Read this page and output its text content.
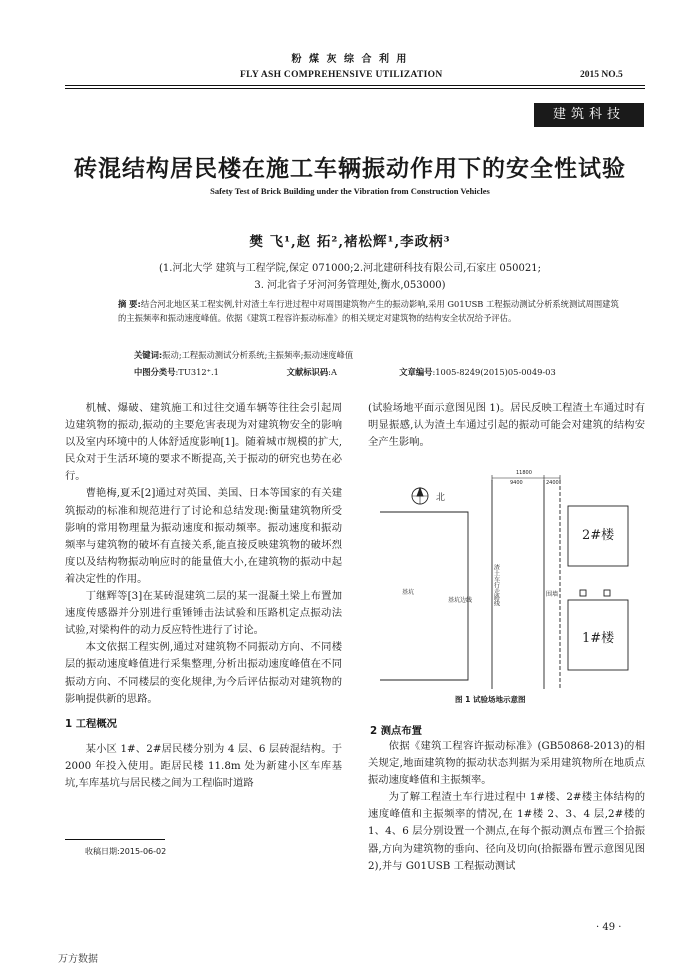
粉 煤 灰 综 合 利 用
FLY ASH COMPREHENSIVE UTILIZATION	2015 NO.5
建筑科技
砖混结构居民楼在施工车辆振动作用下的安全性试验
Safety Test of Brick Building under the Vibration from Construction Vehicles
樊 飞¹,赵 拓²,褚松辉¹,李政柄³
(1.河北大学 建筑与工程学院,保定 071000;2.河北建研科技有限公司,石家庄 050021;
3. 河北省子牙河河务管理处,衡水,053000)
摘 要:结合河北地区某工程实例,针对渣土车行进过程中对周围建筑物产生的振动影响,采用 G01USB 工程振动测试分析系统测试周围建筑的主振频率和振动速度峰值。依据《建筑工程容许振动标准》的相关规定对建筑物的结构安全状况给予评估。
关键词:振动;工程振动测试分析系统;主振频率;振动速度峰值
中图分类号:TU312⁺.1	文献标识码:A	文章编号:1005-8249(2015)05-0049-03

机械、爆破、建筑施工和过往交通车辆等往往会引起周边建筑物的振动,振动的主要危害表现为对建筑物安全的影响以及室内环境中的人体舒适度影响[1]。随着城市规模的扩大,民众对于生活环境的要求不断提高,关于振动的研究也势在必行。

曹艳梅,夏禾[2]通过对英国、美国、日本等国家的有关建筑振动的标准和规范进行了讨论和总结发现:衡量建筑物所受影响的常用物理量为振动速度和振动频率。振动速度和振动频率与建筑物的破坏有直接关系,能直接反映建筑物的破坏烈度以及结构物振动响应时的能量值大小,在建筑物的振动中起着决定性的作用。

丁继辉等[3]在某砖混建筑二层的某一混凝土梁上布置加速度传感器并分别进行重锤锤击法试验和压路机定点振动法试验,对梁构件的动力反应特性进行了讨论。

本文依据工程实例,通过对建筑物不同振动方向、不同楼层的振动速度峰值进行采集整理,分析出振动速度峰值在不同振动方向、不同楼层的变化规律,为今后评估振动对建筑物的影响提供新的思路。

1 工程概况

某小区 1#、2#居民楼分别为 4 层、6 层砖混结构。于 2000 年投入使用。距居民楼 11.8m 处为新建小区车库基坑,车库基坑与居民楼之间为工程临时道路

收稿日期:2015-06-02

(试验场地平面示意图见图 1)。居民反映工程渣土车通过时有明显振感,认为渣土车通过引起的振动可能会对建筑的结构安全产生影响。

北
11800
9400	2400
2#楼
1#楼
基坑
基坑边线	渣土车行走路线	围墙
图 1 试验场地示意图
2 测点布置

依据《建筑工程容许振动标准》(GB50868-2013)的相关规定,地面建筑物的振动状态判据为采用建筑物所在地质点振动速度峰值和主振频率。

为了解工程渣土车行进过程中 1#楼、2#楼主体结构的速度峰值和主振频率的情况,在 1#楼 2、3、4 层,2#楼的 1、4、6 层分别设置一个测点,在每个振动测点布置三个拾振器,方向为建筑物的垂向、径向及切向(拾振器布置示意图见图 2),并与 G01USB 工程振动测试

· 49 ·
万方数据
